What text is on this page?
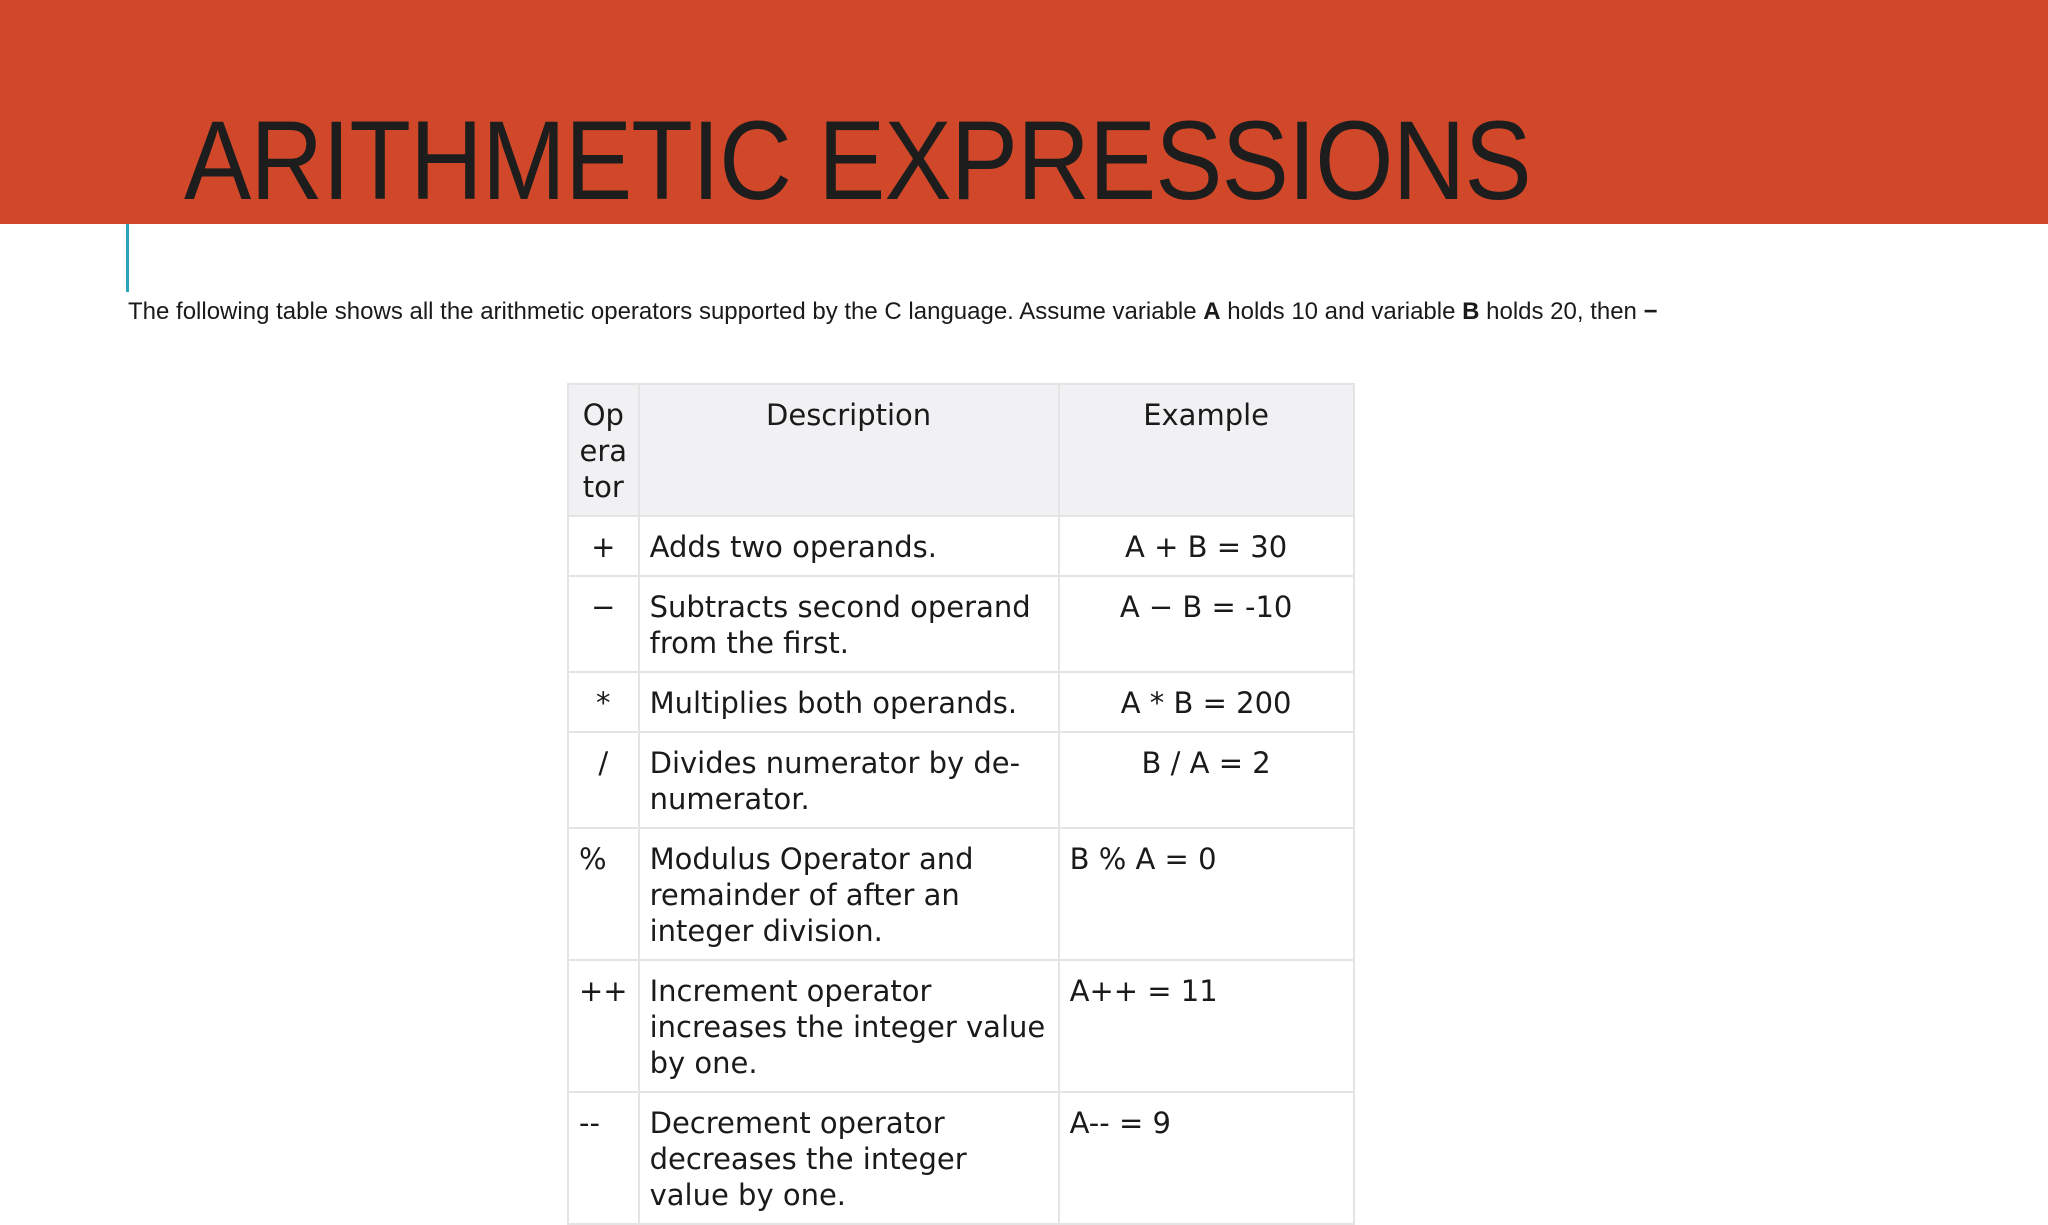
ARITHMETIC EXPRESSIONS

The following table shows all the arithmetic operators supported by the C language. Assume variable A holds 10 and variable B holds 20, then −

Operator	Description	Example
+	Adds two operands.	A + B = 30
−	Subtracts second operand from the first.	A − B = -10
*	Multiplies both operands.	A * B = 200
/	Divides numerator by de-numerator.	B / A = 2
%	Modulus Operator and remainder of after an integer division.	B % A = 0
++	Increment operator increases the integer value by one.	A++ = 11
--	Decrement operator decreases the integer value by one.	A-- = 9
